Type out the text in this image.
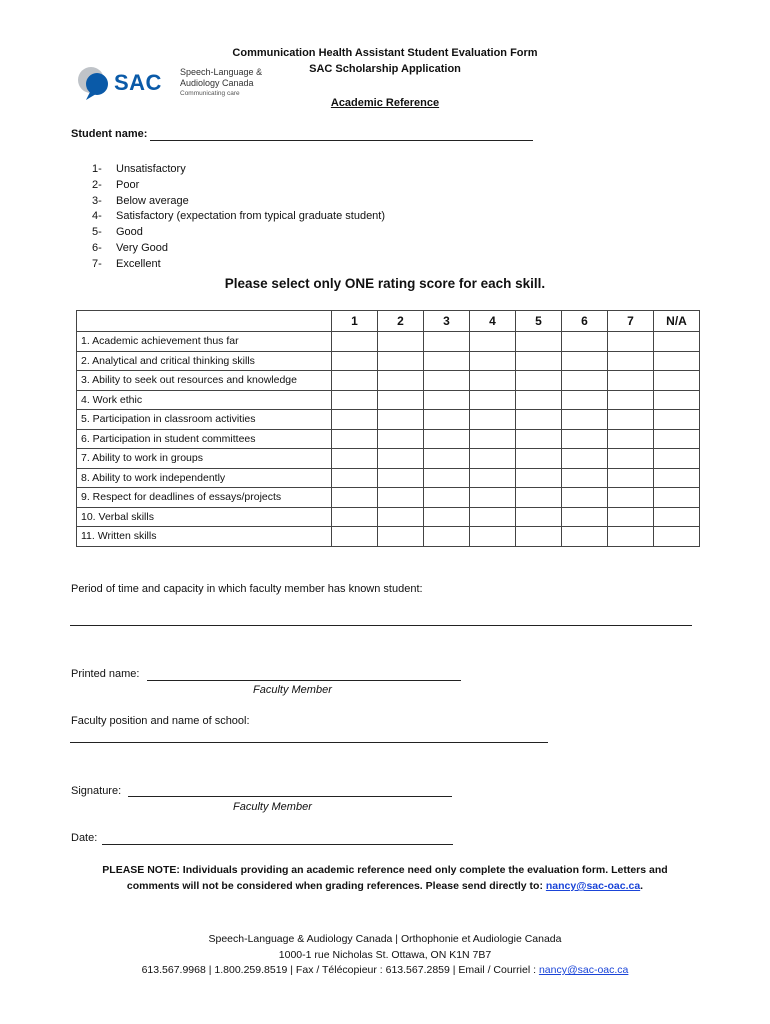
SAC Speech-Language &
Audiology Canada
Communicating care
Communication Health Assistant Student Evaluation Form
SAC Scholarship Application
Academic Reference
Student name:
1- Unsatisfactory
2- Poor
3- Below average
4- Satisfactory (expectation from typical graduate student)
5- Good
6- Very Good
7- Excellent
Please select only ONE rating score for each skill.
	1	2	3	4	5	6	7	N/A
1. Academic achievement thus far								
2. Analytical and critical thinking skills								
3. Ability to seek out resources and knowledge								
4. Work ethic								
5. Participation in classroom activities								
6. Participation in student committees								
7. Ability to work in groups								
8. Ability to work independently								
9. Respect for deadlines of essays/projects								
10. Verbal skills								
11. Written skills								
Period of time and capacity in which faculty member has known student:
Printed name:
Faculty Member
Faculty position and name of school:
Signature:
Faculty Member
Date:
PLEASE NOTE: Individuals providing an academic reference need only complete the evaluation form. Letters and
comments will not be considered when grading references. Please send directly to: nancy@sac-oac.ca.
Speech-Language & Audiology Canada | Orthophonie et Audiologie Canada
1000-1 rue Nicholas St. Ottawa, ON K1N 7B7
613.567.9968 | 1.800.259.8519 | Fax / Télécopieur : 613.567.2859 | Email / Courriel : nancy@sac-oac.ca
